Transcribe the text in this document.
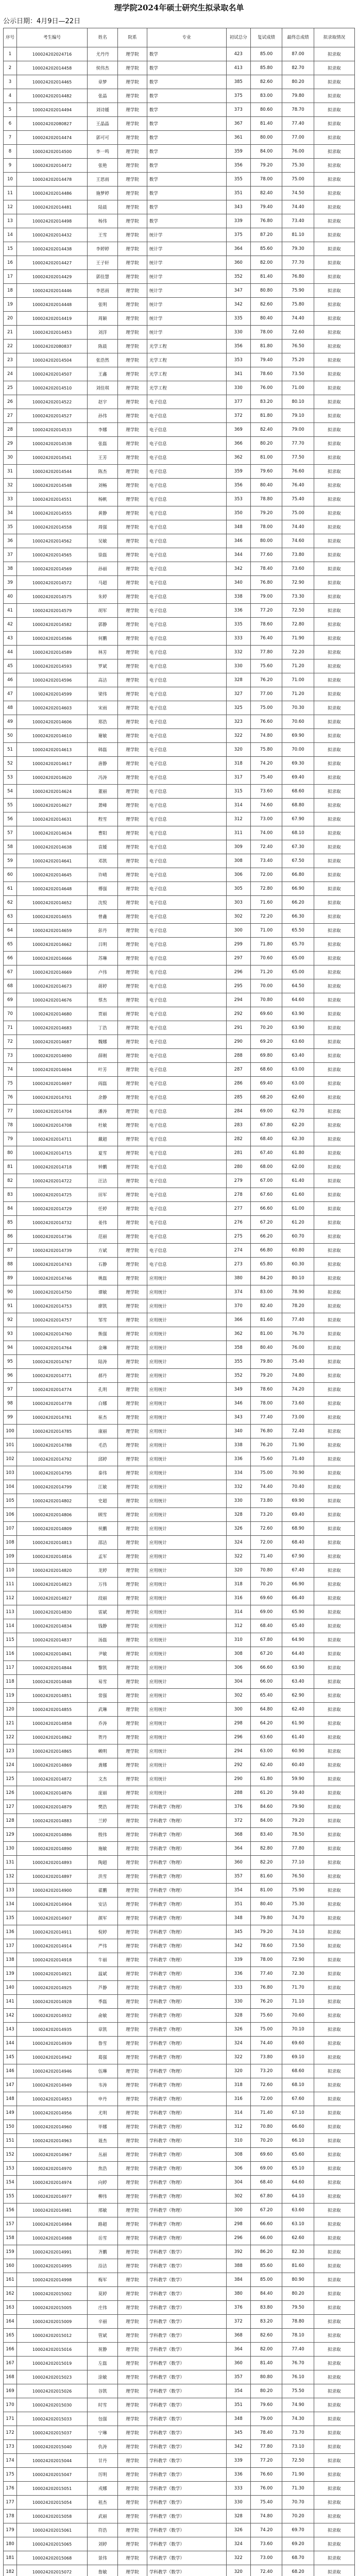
理学院2024年硕士研究生拟录取名单
公示日期：4月9日—22日
序号	考生编号	姓名	院系	专业	初试总分	复试成绩	最终总成绩	拟录取情况
1	100024202024716	尤丹丹	理学院	数学	423	85.00	87.00	拟录取
2	100024202014458	侯伟杰	理学院	数学	413	85.80	82.70	拟录取
3	100024202014465	章梦	理学院	数学	385	82.60	80.20	拟录取
4	100024202014482	张晶	理学院	数学	375	83.00	79.80	拟录取
5	100024202014494	刘诗媛	理学院	数学	373	80.60	78.70	拟录取
6	100024202080827	王晶晶	理学院	数学	367	81.40	77.40	拟录取
7	100024202014474	郭可可	理学院	数学	361	80.00	77.00	拟录取
8	100024202014500	李一鸣	理学院	数学	359	84.00	76.00	拟录取
9	100024202014472	张艳	理学院	数学	356	79.20	75.30	拟录取
10	100024202014478	王思雨	理学院	数学	355	78.00	75.00	拟录取
11	100024202014486	施梦婷	理学院	数学	351	82.40	74.50	拟录取
12	100024202014481	陆晨	理学院	数学	343	79.40	74.40	拟录取
13	100024202014498	杨伟	理学院	数学	339	76.80	73.40	拟录取
14	100024202014432	王雪	理学院	统计学	375	87.20	81.10	拟录取
15	100024202014438	李婷婷	理学院	统计学	364	85.60	79.30	拟录取
16	100024202014427	王子轩	理学院	统计学	360	82.00	77.70	拟录取
17	100024202014429	郭佳慧	理学院	统计学	352	81.40	76.80	拟录取
18	100024202014446	李思雨	理学院	统计学	347	80.80	75.90	拟录取
19	100024202014448	张明	理学院	统计学	342	82.60	75.80	拟录取
20	100024202014419	周颖	理学院	统计学	335	80.40	74.40	拟录取
21	100024202014453	刘洋	理学院	统计学	330	78.00	72.60	拟录取
22	100024202080837	陈晨	理学院	光学工程	356	81.80	76.50	拟录取
23	100024202014504	张浩然	理学院	光学工程	353	79.40	75.20	拟录取
24	100024202014507	王鑫	理学院	光学工程	341	78.60	73.50	拟录取
25	100024202014510	刘佳琪	理学院	光学工程	330	76.00	71.00	拟录取
26	100024202014522	赵宇	理学院	电子信息	377	83.20	80.10	拟录取
27	100024202014527	孙伟	理学院	电子信息	372	81.80	79.10	拟录取
28	100024202014533	李娜	理学院	电子信息	369	82.40	79.00	拟录取
29	100024202014538	张磊	理学院	电子信息	366	80.20	77.70	拟录取
30	100024202014541	王芳	理学院	电子信息	362	81.00	77.50	拟录取
31	100024202014544	陈杰	理学院	电子信息	359	79.60	76.60	拟录取
32	100024202014548	刘畅	理学院	电子信息	356	80.40	76.40	拟录取
33	100024202014551	杨帆	理学院	电子信息	353	78.80	75.40	拟录取
34	100024202014555	黄静	理学院	电子信息	350	79.20	75.00	拟录取
35	100024202014558	周强	理学院	电子信息	348	78.00	74.40	拟录取
36	100024202014562	吴敏	理学院	电子信息	346	80.00	74.60	拟录取
37	100024202014565	徐磊	理学院	电子信息	344	77.60	73.80	拟录取
38	100024202014569	孙丽	理学院	电子信息	342	78.40	73.60	拟录取
39	100024202014572	马超	理学院	电子信息	340	76.80	72.90	拟录取
40	100024202014575	朱婷	理学院	电子信息	338	79.00	73.30	拟录取
41	100024202014579	胡军	理学院	电子信息	336	77.20	72.50	拟录取
42	100024202014582	郭静	理学院	电子信息	335	78.60	72.80	拟录取
43	100024202014586	何鹏	理学院	电子信息	333	76.40	71.90	拟录取
44	100024202014589	林芳	理学院	电子信息	332	77.80	72.20	拟录取
45	100024202014593	罗斌	理学院	电子信息	330	75.60	71.20	拟录取
46	100024202014596	高洁	理学院	电子信息	328	76.20	71.00	拟录取
47	100024202014599	梁伟	理学院	电子信息	327	77.00	71.20	拟录取
48	100024202014603	宋雨	理学院	电子信息	325	75.00	70.30	拟录取
49	100024202014606	郑浩	理学院	电子信息	323	76.60	70.60	拟录取
50	100024202014610	谢敏	理学院	电子信息	322	74.80	69.90	拟录取
51	100024202014613	韩磊	理学院	电子信息	320	75.80	70.00	拟录取
52	100024202014617	唐静	理学院	电子信息	318	74.20	69.30	拟录取
53	100024202014620	冯涛	理学院	电子信息	317	75.40	69.40	拟录取
54	100024202014624	董丽	理学院	电子信息	315	73.60	68.60	拟录取
55	100024202014627	萧峰	理学院	电子信息	314	74.60	68.80	拟录取
56	100024202014631	程雪	理学院	电子信息	312	73.00	67.90	拟录取
57	100024202014634	曹阳	理学院	电子信息	311	74.00	68.10	拟录取
58	100024202014638	袁媛	理学院	电子信息	309	72.40	67.30	拟录取
59	100024202014641	邓凯	理学院	电子信息	308	73.40	67.50	拟录取
60	100024202014645	许晴	理学院	电子信息	306	72.00	66.80	拟录取
61	100024202014648	傅强	理学院	电子信息	305	72.80	66.90	拟录取
62	100024202014652	沈悦	理学院	电子信息	303	71.60	66.20	拟录取
63	100024202014655	曾鑫	理学院	电子信息	302	72.20	66.30	拟录取
64	100024202014659	彭丹	理学院	电子信息	300	71.00	65.50	拟录取
65	100024202014662	吕明	理学院	电子信息	299	71.80	65.70	拟录取
66	100024202014666	苏琳	理学院	电子信息	297	70.60	65.00	拟录取
67	100024202014669	卢伟	理学院	电子信息	296	71.20	65.00	拟录取
68	100024202014673	蒋婷	理学院	电子信息	295	70.00	64.50	拟录取
69	100024202014676	蔡杰	理学院	电子信息	294	70.80	64.60	拟录取
70	100024202014680	贾丽	理学院	电子信息	292	69.60	63.90	拟录取
71	100024202014683	丁浩	理学院	电子信息	291	70.20	63.90	拟录取
72	100024202014687	魏娜	理学院	电子信息	290	69.20	63.60	拟录取
73	100024202014690	薛刚	理学院	电子信息	288	69.80	63.40	拟录取
74	100024202014694	叶芳	理学院	电子信息	287	68.60	63.00	拟录取
75	100024202014697	阎磊	理学院	电子信息	286	69.40	63.00	拟录取
76	100024202014701	余静	理学院	电子信息	285	68.20	62.60	拟录取
77	100024202014704	潘涛	理学院	电子信息	284	69.00	62.70	拟录取
78	100024202014708	杜敏	理学院	电子信息	283	67.80	62.20	拟录取
79	100024202014711	戴超	理学院	电子信息	282	68.40	62.30	拟录取
80	100024202014715	夏雪	理学院	电子信息	281	67.40	61.80	拟录取
81	100024202014718	钟鹏	理学院	电子信息	280	68.00	62.00	拟录取
82	100024202014722	汪洁	理学院	电子信息	279	67.00	61.40	拟录取
83	100024202014725	田军	理学院	电子信息	278	67.60	61.60	拟录取
84	100024202014729	任婷	理学院	电子信息	277	66.60	61.00	拟录取
85	100024202014732	姜伟	理学院	电子信息	276	67.20	61.20	拟录取
86	100024202014736	范丽	理学院	电子信息	275	66.20	60.70	拟录取
87	100024202014739	方斌	理学院	电子信息	274	66.80	60.80	拟录取
88	100024202014743	石静	理学院	电子信息	273	65.80	60.30	拟录取
89	100024202014746	姚磊	理学院	应用统计	380	84.20	80.10	拟录取
90	100024202014750	谭敏	理学院	应用统计	374	83.00	78.90	拟录取
91	100024202014753	廖凯	理学院	应用统计	370	82.40	78.20	拟录取
92	100024202014757	邹雪	理学院	应用统计	366	81.60	77.40	拟录取
93	100024202014760	熊强	理学院	应用统计	362	81.00	76.70	拟录取
94	100024202014764	金琳	理学院	应用统计	358	80.40	76.00	拟录取
95	100024202014767	陆涛	理学院	应用统计	355	79.80	75.40	拟录取
96	100024202014771	郝丹	理学院	应用统计	352	79.20	74.80	拟录取
97	100024202014774	孔明	理学院	应用统计	349	78.60	74.20	拟录取
98	100024202014778	白娜	理学院	应用统计	346	78.00	73.60	拟录取
99	100024202014781	崔杰	理学院	应用统计	343	77.40	73.00	拟录取
100	100024202014785	康丽	理学院	应用统计	340	76.80	72.40	拟录取
101	100024202014788	毛浩	理学院	应用统计	338	76.20	71.90	拟录取
102	100024202014792	邱婷	理学院	应用统计	336	75.60	71.40	拟录取
103	100024202014795	秦伟	理学院	应用统计	334	75.00	70.90	拟录取
104	100024202014799	江敏	理学院	应用统计	332	74.40	70.40	拟录取
105	100024202014802	史超	理学院	应用统计	330	73.80	69.90	拟录取
106	100024202014806	顾雪	理学院	应用统计	328	73.20	69.40	拟录取
107	100024202014809	侯鹏	理学院	应用统计	326	72.60	68.90	拟录取
108	100024202014813	邵洁	理学院	应用统计	324	72.00	68.40	拟录取
109	100024202014816	孟军	理学院	应用统计	322	71.40	67.90	拟录取
110	100024202014820	龙婷	理学院	应用统计	320	70.80	67.40	拟录取
111	100024202014823	万伟	理学院	应用统计	318	70.20	66.90	拟录取
112	100024202014827	段丽	理学院	应用统计	316	69.60	66.40	拟录取
113	100024202014830	雷斌	理学院	应用统计	314	69.00	65.90	拟录取
114	100024202014834	钱静	理学院	应用统计	312	68.40	65.40	拟录取
115	100024202014837	汤磊	理学院	应用统计	310	67.80	64.90	拟录取
116	100024202014841	尹敏	理学院	应用统计	308	67.20	64.40	拟录取
117	100024202014844	黎凯	理学院	应用统计	306	66.60	63.90	拟录取
118	100024202014848	易雪	理学院	应用统计	304	66.00	63.40	拟录取
119	100024202014851	常强	理学院	应用统计	302	65.40	62.90	拟录取
120	100024202014855	武琳	理学院	应用统计	300	64.80	62.40	拟录取
121	100024202014858	乔涛	理学院	应用统计	298	64.20	61.90	拟录取
122	100024202014862	贺丹	理学院	应用统计	296	63.60	61.40	拟录取
123	100024202014865	赖明	理学院	应用统计	294	63.00	60.90	拟录取
124	100024202014869	龚娜	理学院	应用统计	292	62.40	60.40	拟录取
125	100024202014872	文杰	理学院	应用统计	290	61.80	59.90	拟录取
126	100024202014876	庞丽	理学院	应用统计	288	61.20	59.40	拟录取
127	100024202014879	樊浩	理学院	学科教学（物理）	376	84.60	79.90	拟录取
128	100024202014883	兰婷	理学院	学科教学（物理）	372	84.00	79.20	拟录取
129	100024202014886	殷伟	理学院	学科教学（物理）	368	83.40	78.50	拟录取
130	100024202014890	施敏	理学院	学科教学（物理）	364	82.80	77.80	拟录取
131	100024202014893	陶超	理学院	学科教学（物理）	360	82.20	77.10	拟录取
132	100024202014897	洪雪	理学院	学科教学（物理）	357	81.60	76.50	拟录取
133	100024202014900	翟鹏	理学院	学科教学（物理）	354	81.00	75.90	拟录取
134	100024202014904	安洁	理学院	学科教学（物理）	351	80.40	75.30	拟录取
135	100024202014907	颜军	理学院	学科教学（物理）	348	79.80	74.70	拟录取
136	100024202014911	倪婷	理学院	学科教学（物理）	345	79.20	74.10	拟录取
137	100024202014914	严伟	理学院	学科教学（物理）	342	78.60	73.50	拟录取
138	100024202014918	牛丽	理学院	学科教学（物理）	339	78.00	72.90	拟录取
139	100024202014921	温斌	理学院	学科教学（物理）	336	77.40	72.30	拟录取
140	100024202014925	芦静	理学院	学科教学（物理）	333	76.80	71.70	拟录取
141	100024202014928	季磊	理学院	学科教学（物理）	330	76.20	71.10	拟录取
142	100024202014932	俞敏	理学院	学科教学（物理）	328	75.60	70.60	拟录取
143	100024202014935	章凯	理学院	学科教学（物理）	326	75.00	70.10	拟录取
144	100024202014939	鲁雪	理学院	学科教学（物理）	324	74.40	69.60	拟录取
145	100024202014942	葛强	理学院	学科教学（物理）	322	73.80	69.10	拟录取
146	100024202014946	伍琳	理学院	学科教学（物理）	320	73.20	68.60	拟录取
147	100024202014949	韦涛	理学院	学科教学（物理）	318	72.60	68.10	拟录取
148	100024202014953	申丹	理学院	学科教学（物理）	316	72.00	67.60	拟录取
149	100024202014956	尤明	理学院	学科教学（物理）	314	71.40	67.10	拟录取
150	100024202014960	毕娜	理学院	学科教学（物理）	312	70.80	66.60	拟录取
151	100024202014963	聂杰	理学院	学科教学（物理）	310	70.20	66.10	拟录取
152	100024202014967	丛丽	理学院	学科教学（物理）	308	69.60	65.60	拟录取
153	100024202014970	焦浩	理学院	学科教学（物理）	306	69.00	65.10	拟录取
154	100024202014974	向婷	理学院	学科教学（物理）	304	68.40	64.60	拟录取
155	100024202014977	柳伟	理学院	学科教学（物理）	302	67.80	64.10	拟录取
156	100024202014981	邢敏	理学院	学科教学（物理）	300	67.20	63.60	拟录取
157	100024202014984	路超	理学院	学科教学（物理）	298	66.60	63.10	拟录取
158	100024202014988	岳雪	理学院	学科教学（物理）	296	66.00	62.60	拟录取
159	100024202014991	齐鹏	理学院	学科教学（数学）	392	86.20	82.30	拟录取
160	100024202014995	沿洁	理学院	学科教学（数学）	388	85.60	81.60	拟录取
161	100024202014998	梅军	理学院	学科教学（数学）	384	85.00	80.90	拟录取
162	100024202015002	莫婷	理学院	学科教学（数学）	380	84.40	80.20	拟录取
163	100024202015005	庄伟	理学院	学科教学（数学）	376	83.80	79.50	拟录取
164	100024202015009	辛丽	理学院	学科教学（数学）	372	83.20	78.80	拟录取
165	100024202015012	管斌	理学院	学科教学（数学）	368	82.60	78.10	拟录取
166	100024202015016	祝静	理学院	学科教学（数学）	364	82.00	77.40	拟录取
167	100024202015019	左磊	理学院	学科教学（数学）	360	81.40	76.70	拟录取
168	100024202015023	涂敏	理学院	学科教学（数学）	357	80.80	76.10	拟录取
169	100024202015026	谷凯	理学院	学科教学（数学）	354	80.20	75.50	拟录取
170	100024202015030	时雪	理学院	学科教学（数学）	351	79.60	74.90	拟录取
171	100024202015033	包强	理学院	学科教学（数学）	348	79.00	74.30	拟录取
172	100024202015037	宁琳	理学院	学科教学（数学）	345	78.40	73.70	拟录取
173	100024202015040	仇涛	理学院	学科教学（数学）	342	77.80	73.10	拟录取
174	100024202015044	甘丹	理学院	学科教学（数学）	339	77.20	72.50	拟录取
175	100024202015047	厉明	理学院	学科教学（数学）	336	76.60	71.90	拟录取
176	100024202015051	戎娜	理学院	学科教学（数学）	333	76.00	71.30	拟录取
177	100024202015054	祖杰	理学院	学科教学（数学）	330	75.40	70.70	拟录取
178	100024202015058	武丽	理学院	学科教学（数学）	328	74.80	70.20	拟录取
179	100024202015061	符浩	理学院	学科教学（数学）	326	74.20	69.70	拟录取
180	100024202015065	刘婷	理学院	学科教学（数学）	324	73.60	69.20	拟录取
181	100024202015068	景伟	理学院	学科教学（数学）	322	73.00	68.70	拟录取
182	100024202015072	詹敏	理学院	学科教学（数学）	320	72.40	68.20	拟录取
